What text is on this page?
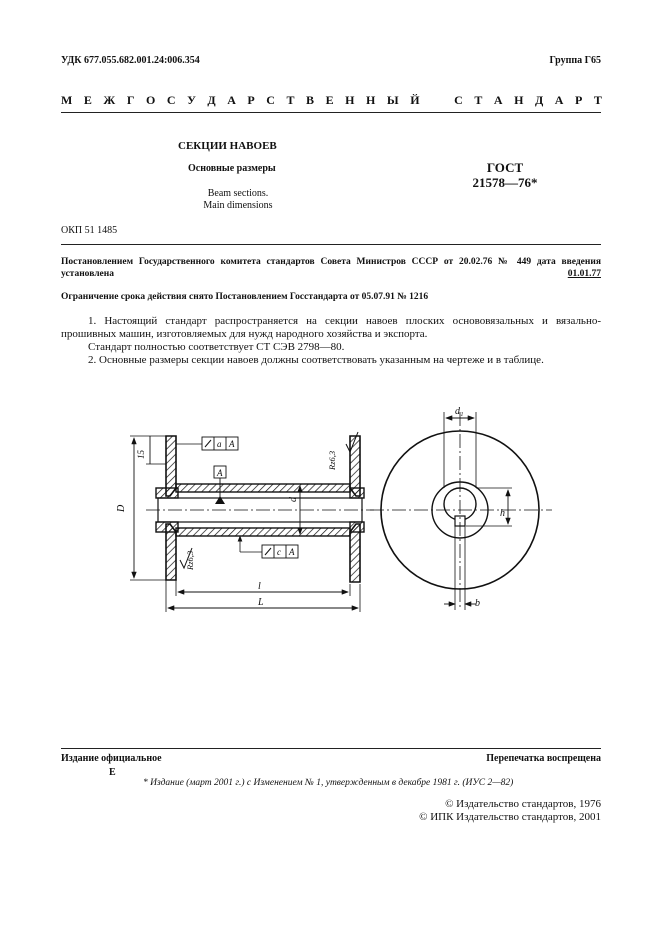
УДК 677.055.682.001.24:006.354	Группа Г65
М Е Ж Г О С У Д А Р С Т В Е Н Н Ы Й	С Т А Н Д А Р Т
СЕКЦИИ НАВОЕВ
Основные размеры
Beam sections.
Main dimensions
ГОСТ
21578—76*
ОКП 51 1485
Постановлением Государственного комитета стандартов Совета Министров СССР от 20.02.76 № 449 дата введения установлена	01.01.77
Ограничение срока действия снято Постановлением Госстандарта от 05.07.91 № 1216

1. Настоящий стандарт распространяется на секции навоев плоских основовязальных и вязально-прошивных машин, изготовляемых для нужд народного хозяйства и экспорта.

Стандарт полностью соответствует СТ СЭВ 2798—80.

2. Основные размеры секции навоев должны соответствовать указанным на чертеже и в таблице.

15
D
d
l
L
Rz6,3
Rz6,3
a A
A
c A
d₁
h
b
Издание официальное
Е
Перепечатка воспрещена
* Издание (март 2001 г.) с Изменением № 1, утвержденным в декабре 1981 г. (ИУС 2—82)
© Издательство стандартов, 1976
© ИПК Издательство стандартов, 2001
